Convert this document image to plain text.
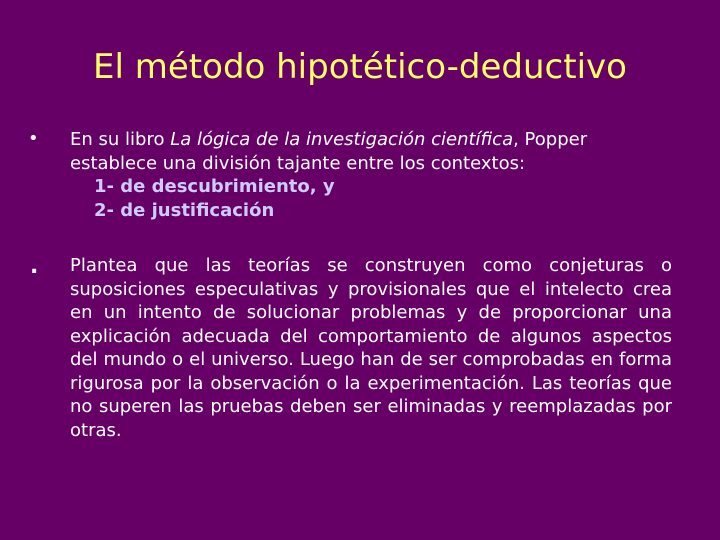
El método hipotético-deductivo
• En su libro La lógica de la investigación científica, Popper
establece una división tajante entre los contextos:
1- de descubrimiento, y
2- de justificación
.	Plantea que las teorías se construyen como conjeturas o suposiciones especulativas y provisionales que el intelecto crea en un intento de solucionar problemas y de proporcionar una explicación adecuada del comportamiento de algunos aspectos del mundo o el universo. Luego han de ser comprobadas en forma rigurosa por la observación o la experimentación. Las teorías que no superen las pruebas deben ser eliminadas y reemplazadas por otras.
